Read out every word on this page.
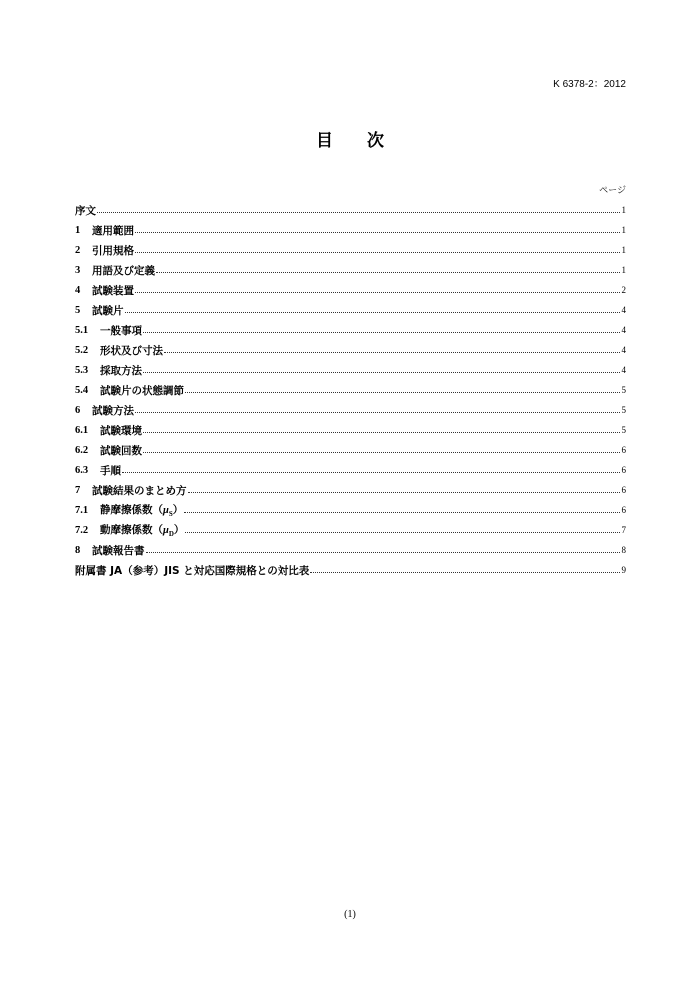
K 6378-2：2012
目 次
ページ
序文	1
1	適用範囲	1
2	引用規格	1
3	用語及び定義	1
4	試験装置	2
5	試験片	4
5.1	一般事項	4
5.2	形状及び寸法	4
5.3	採取方法	4
5.4	試験片の状態調節	5
6	試験方法	5
6.1	試験環境	5
6.2	試験回数	6
6.3	手順	6
7	試験結果のまとめ方	6
7.1	静摩擦係数$(\mu_S)$	6
7.2	動摩擦係数$(\mu_D)$	7
8	試験報告書	8
附属書 JA（参考）JIS と対応国際規格との対比表	9
(1)
